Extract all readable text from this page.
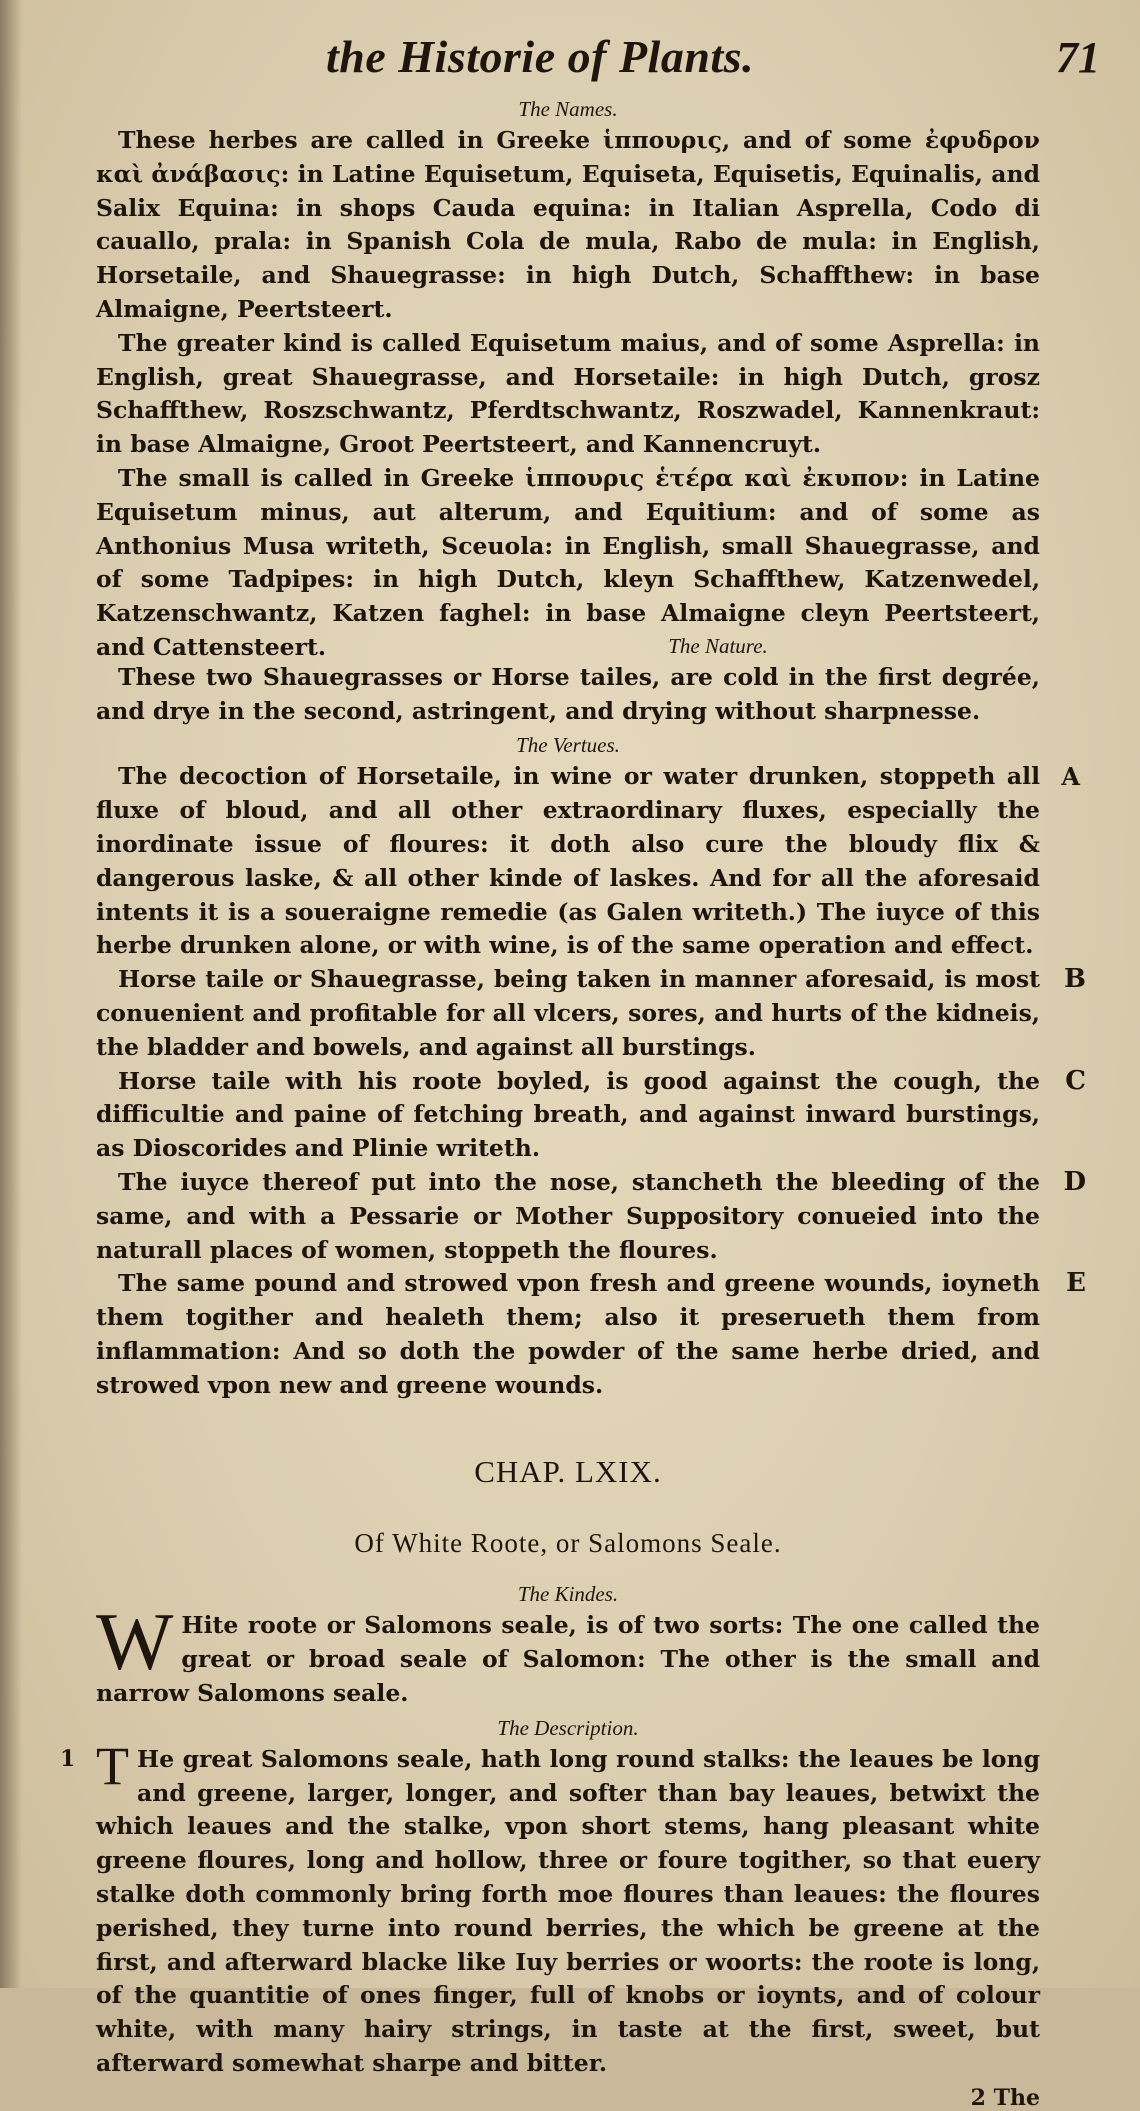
the Historie of Plants.	71
The Names.

These herbes are called in Greeke ἱππουρις, and of some ἐφυδρον καὶ ἀνάβασις: in Latine Equisetum, Equiseta, Equisetis, Equinalis, and Salix Equina: in shops Cauda equina: in Italian Asprella, Codo di cauallo, prala: in Spanish Cola de mula, Rabo de mula: in English, Horsetaile, and Shauegrasse: in high Dutch, Schaffthew: in base Almaigne, Peertsteert.

The greater kind is called Equisetum maius, and of some Asprella: in English, great Shauegrasse, and Horsetaile: in high Dutch, grosz Schaffthew, Roszschwantz, Pferdtschwantz, Roszwadel, Kannenkraut: in base Almaigne, Groot Peertsteert, and Kannencruyt.

The small is called in Greeke ἱππουρις ἑτέρα καὶ ἐκυπον: in Latine Equisetum minus, aut alterum, and Equitium: and of some as Anthonius Musa writeth, Sceuola: in English, small Shauegrasse, and of some Tadpipes: in high Dutch, kleyn Schaffthew, Katzenwedel, Katzenschwantz, Katzen faghel: in base Almaigne cleyn Peertsteert, and Cattensteert.	The Nature.

These two Shauegrasses or Horse tailes, are cold in the first degrée, and drye in the second, astringent, and drying without sharpnesse.

The Vertues.

A
The decoction of Horsetaile, in wine or water drunken, stoppeth all fluxe of bloud, and all other extraordinary fluxes, especially the inordinate issue of floures: it doth also cure the bloudy flix & dangerous laske, & all other kinde of laskes. And for all the aforesaid intents it is a soueraigne remedie (as Galen writeth.) The iuyce of this herbe drunken alone, or with wine, is of the same operation and effect.

B
Horse taile or Shauegrasse, being taken in manner aforesaid, is most conuenient and profitable for all vlcers, sores, and hurts of the kidneis, the bladder and bowels, and against all burstings.

C
Horse taile with his roote boyled, is good against the cough, the difficultie and paine of fetching breath, and against inward burstings, as Dioscorides and Plinie writeth.

D
The iuyce thereof put into the nose, stancheth the bleeding of the same, and with a Pessarie or Mother Suppository conueied into the naturall places of women, stoppeth the floures.

E
The same pound and strowed vpon fresh and greene wounds, ioyneth them togither and healeth them; also it preserueth them from inflammation: And so doth the powder of the same herbe dried, and strowed vpon new and greene wounds.

CHAP. LXIX.
Of White Roote, or Salomons Seale.
The Kindes.

W Hite roote or Salomons seale, is of two sorts: The one called the great or broad seale of Salomon: The other is the small and narrow Salomons seale.

The Description.

1 T He great Salomons seale, hath long round stalks: the leaues be long and greene, larger, longer, and softer than bay leaues, betwixt the which leaues and the stalke, vpon short stems, hang pleasant white greene floures, long and hollow, three or foure togither, so that euery stalke doth commonly bring forth moe floures than leaues: the floures perished, they turne into round berries, the which be greene at the first, and afterward blacke like Iuy berries or woorts: the roote is long, of the quantitie of ones finger, full of knobs or ioynts, and of colour white, with many hairy strings, in taste at the first, sweet, but afterward somewhat sharpe and bitter.

2 The
